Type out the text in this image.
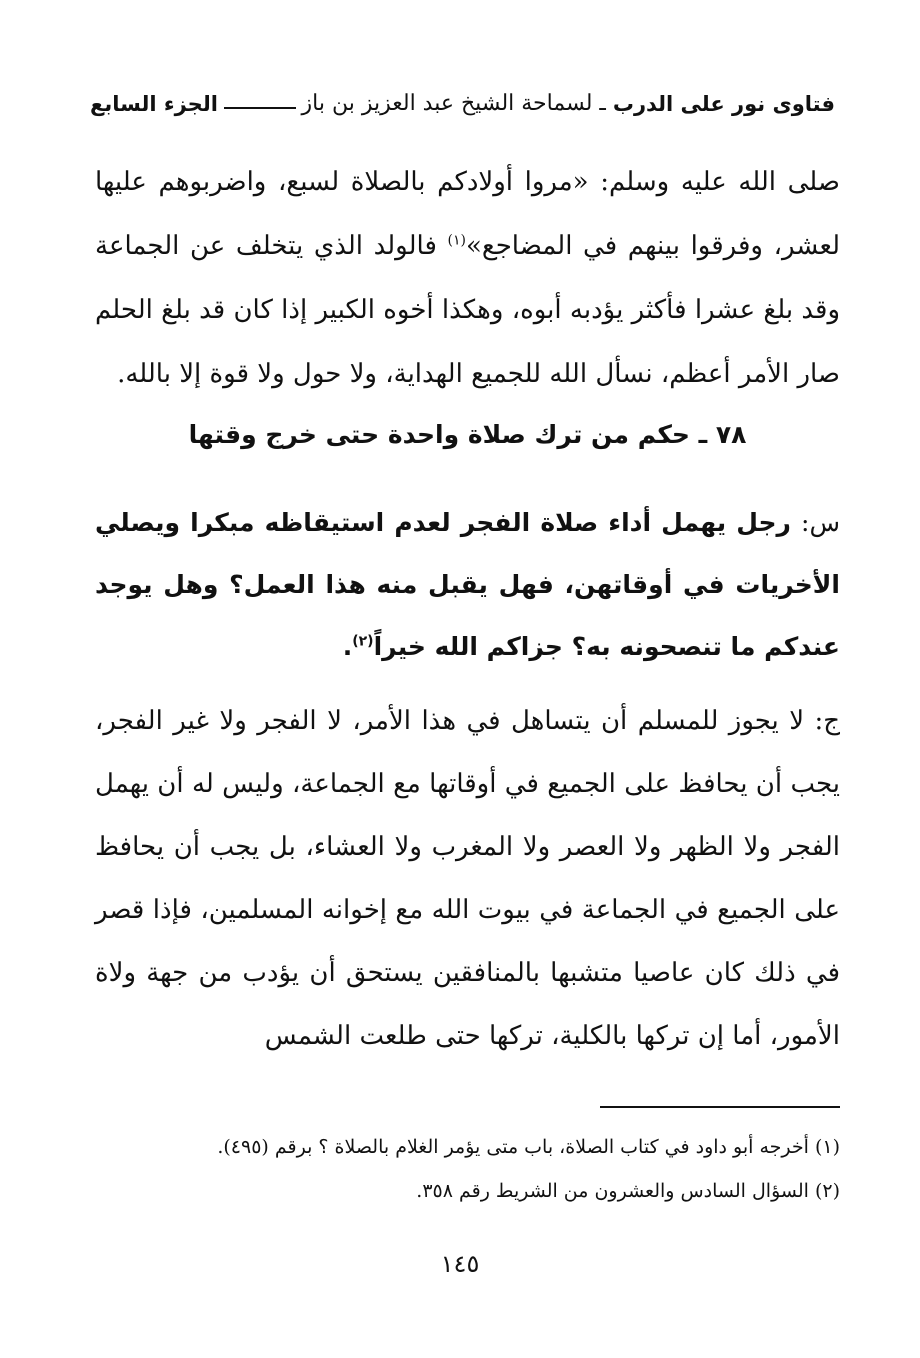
فتاوى نور على الدرب
ـ
لسماحة الشيخ عبد العزيز بن باز
الجزء السابع
صلى الله عليه وسلم: «مروا أولادكم بالصلاة لسبع، واضربوهم عليها لعشر، وفرقوا بينهم في المضاجع»$^{(١)}$ فالولد الذي يتخلف عن الجماعة وقد بلغ عشرا فأكثر يؤدبه أبوه، وهكذا أخوه الكبير إذا كان قد بلغ الحلم صار الأمر أعظم، نسأل الله للجميع الهداية، ولا حول ولا قوة إلا بالله.
٧٨ ـ حكم من ترك صلاة واحدة حتى خرج وقتها
س: رجل يهمل أداء صلاة الفجر لعدم استيقاظه مبكرا ويصلي الأخريات في أوقاتهن، فهل يقبل منه هذا العمل؟ وهل يوجد عندكم ما تنصحونه به؟ جزاكم الله خيراً$^{(٢)}$.
ج: لا يجوز للمسلم أن يتساهل في هذا الأمر، لا الفجر ولا غير الفجر، يجب أن يحافظ على الجميع في أوقاتها مع الجماعة، وليس له أن يهمل الفجر ولا الظهر ولا العصر ولا المغرب ولا العشاء، بل يجب أن يحافظ على الجميع في الجماعة في بيوت الله مع إخوانه المسلمين، فإذا قصر في ذلك كان عاصيا متشبها بالمنافقين يستحق أن يؤدب من جهة ولاة الأمور، أما إن تركها بالكلية، تركها حتى طلعت الشمس
(١) أخرجه أبو داود في كتاب الصلاة، باب متى يؤمر الغلام بالصلاة ؟ برقم (٤٩٥).
(٢) السؤال السادس والعشرون من الشريط رقم ٣٥٨.
١٤٥
